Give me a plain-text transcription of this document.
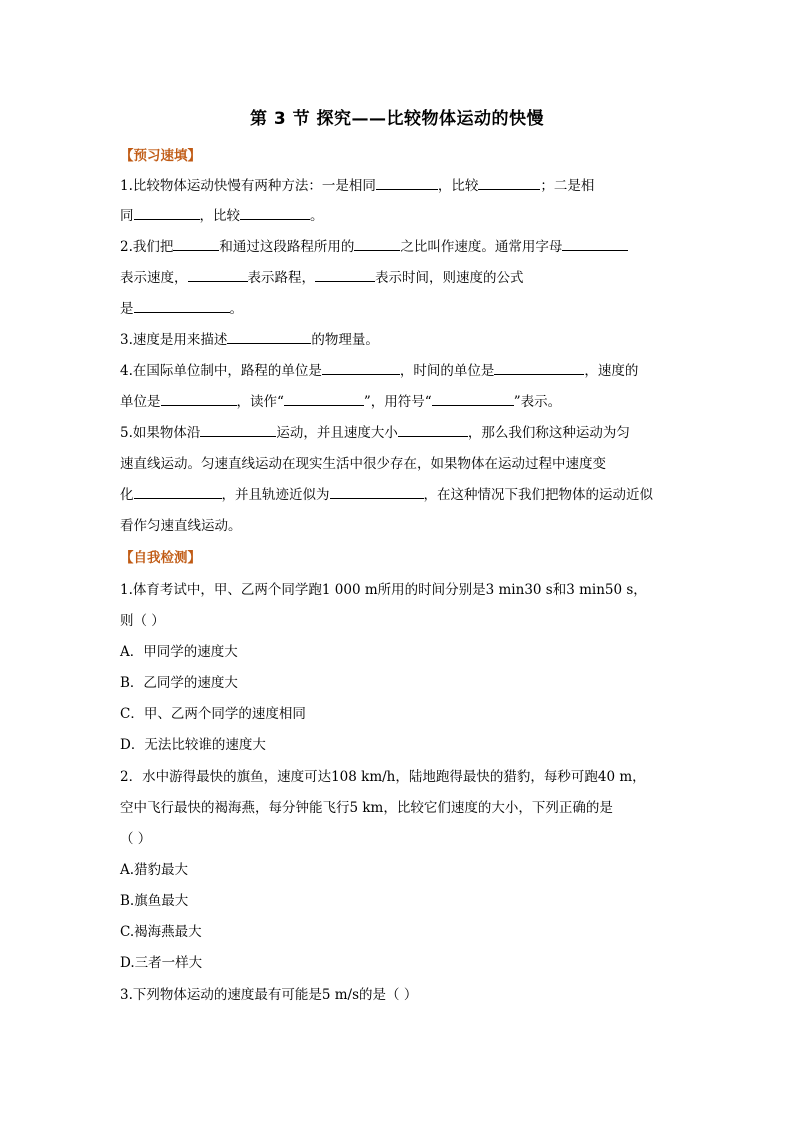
第 3 节 探究——比较物体运动的快慢
【预习速填】
1.比较物体运动快慢有两种方法：一是相同	，比较	；二是相
同	，比较	。
2.我们把	和通过这段路程所用的	之比叫作速度。通常用字母
表示速度，	表示路程，	表示时间，则速度的公式
是	。
3.速度是用来描述	的物理量。
4.在国际单位制中，路程的单位是	，时间的单位是	，速度的
单位是	，读作“	”，用符号“	”表示。
5.如果物体沿	运动，并且速度大小	，那么我们称这种运动为匀
速直线运动。匀速直线运动在现实生活中很少存在，如果物体在运动过程中速度变
化	，并且轨迹近似为	，在这种情况下我们把物体的运动近似
看作匀速直线运动。
【自我检测】
1.体育考试中，甲、乙两个同学跑1 000 m所用的时间分别是3 min30 s和3 min50 s，
则（ ）
A．甲同学的速度大
B．乙同学的速度大
C．甲、乙两个同学的速度相同
D．无法比较谁的速度大
2．水中游得最快的旗鱼，速度可达108 km/h，陆地跑得最快的猎豹，每秒可跑40 m，
空中飞行最快的褐海燕，每分钟能飞行5 km，比较它们速度的大小，下列正确的是
（ ）
A.猎豹最大
B.旗鱼最大
C.褐海燕最大
D.三者一样大
3.下列物体运动的速度最有可能是5 m/s的是（ ）
